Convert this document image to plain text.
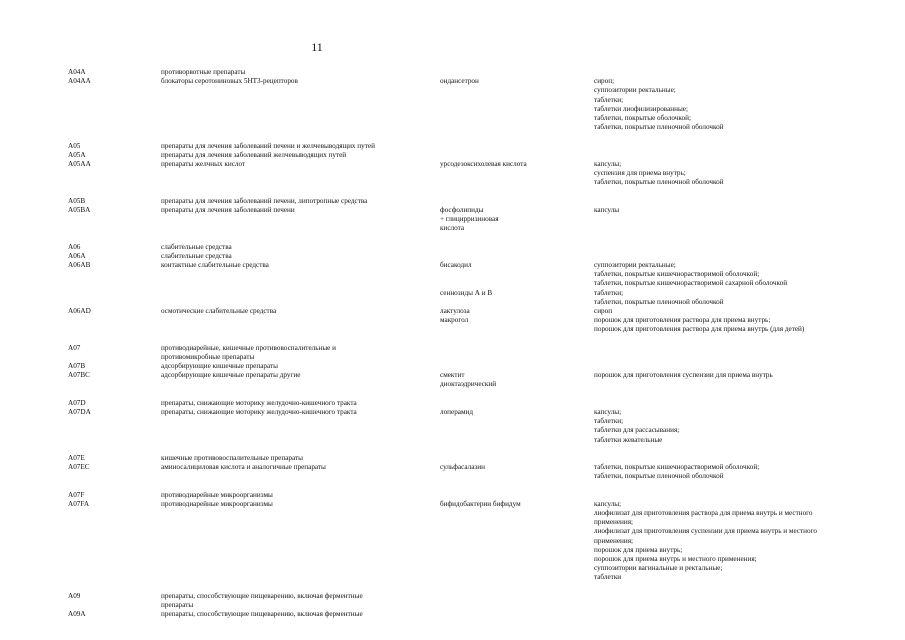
11
A04A	противорвотные препараты
A04AA	блокаторы серотониновых 5НТ3-рецепторов	ондансетрон	сироп;
суппозитории ректальные;
таблетки;
таблетки лиофилизированные;
таблетки, покрытые оболочкой;
таблетки, покрытые пленочной оболочкой
A05	препараты для лечения заболеваний печени и желчевыводящих путей
A05A	препараты для лечения заболеваний желчевыводящих путей
A05AA	препараты желчных кислот	урсодезоксихолевая кислота	капсулы;
суспензия для приема внутрь;
таблетки, покрытые пленочной оболочкой
A05B	препараты для лечения заболеваний печени, липотропные средства
A05BA	препараты для лечения заболеваний печени	фосфолипиды	капсулы
+ глицирризиновая
кислота
A06	слабительные средства
A06A	слабительные средства
A06AB	контактные слабительные средства	бисакодил	суппозитории ректальные;
таблетки, покрытые кишечнорастворимой оболочкой;
таблетки, покрытые кишечнорастворимой сахарной оболочкой
сеннозиды А и В	таблетки;
таблетки, покрытые пленочной оболочкой
A06AD	осмотические слабительные средства	лактулоза	сироп
макрогол	порошок для приготовления раствора для приема внутрь;
порошок для приготовления раствора для приема внутрь (для детей)
A07	противодиарейные, кишечные противовоспалительные и
противомикробные препараты
A07B	адсорбирующие кишечные препараты
A07BC	адсорбирующие кишечные препараты другие	смектит	порошок для приготовления суспензии для приема внутрь
диоктаэдрический
A07D	препараты, снижающие моторику желудочно-кишечного тракта
A07DA	препараты, снижающие моторику желудочно-кишечного тракта	лоперамид	капсулы;
таблетки;
таблетки для рассасывания;
таблетки жевательные
A07E	кишечные противовоспалительные препараты
A07EC	аминосалициловая кислота и аналогичные препараты	сульфасалазин	таблетки, покрытые кишечнорастворимой оболочкой;
таблетки, покрытые пленочной оболочкой
A07F	противодиарейные микроорганизмы
A07FA	противодиарейные микроорганизмы	бифидобактерии бифидум	капсулы;
лиофилизат для приготовления раствора для приема внутрь и местного
применения;
лиофилизат для приготовления суспензии для приема внутрь и местного
применения;
порошок для приема внутрь;
порошок для приема внутрь и местного применения;
суппозитории вагинальные и ректальные;
таблетки
A09	препараты, способствующие пищеварению, включая ферментные
препараты
A09A	препараты, способствующие пищеварению, включая ферментные
